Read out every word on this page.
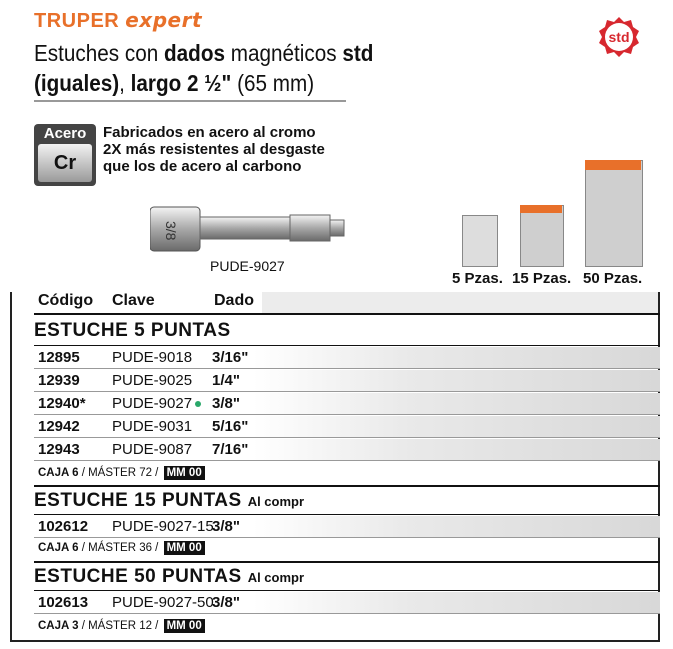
TRUPER expert
Estuches con dados magnéticos std
(iguales), largo 2 ½" (65 mm)
std
Acero
Cr
Fabricados en acero al cromo
2X más resistentes al desgaste
que los de acero al carbono
3/8
PUDE-9027
5 Pzas. 15 Pzas. 50 Pzas.
Código Clave	Dado
ESTUCHE 5 PUNTAS
12895 PUDE-9018 3/16"
12939 PUDE-9025 1/4"
12940* PUDE-9027	3/8"
12942 PUDE-9031 5/16"
12943 PUDE-9087 7/16"
CAJA 6 / MÁSTER 72 / MM 00
ESTUCHE 15 PUNTAS Al compr
102612 PUDE-9027-15
3/8"
CAJA 6 / MÁSTER 36 / MM 00
ESTUCHE 50 PUNTAS Al compr
102613 PUDE-9027-50
3/8"
CAJA 3 / MÁSTER 12 / MM 00
